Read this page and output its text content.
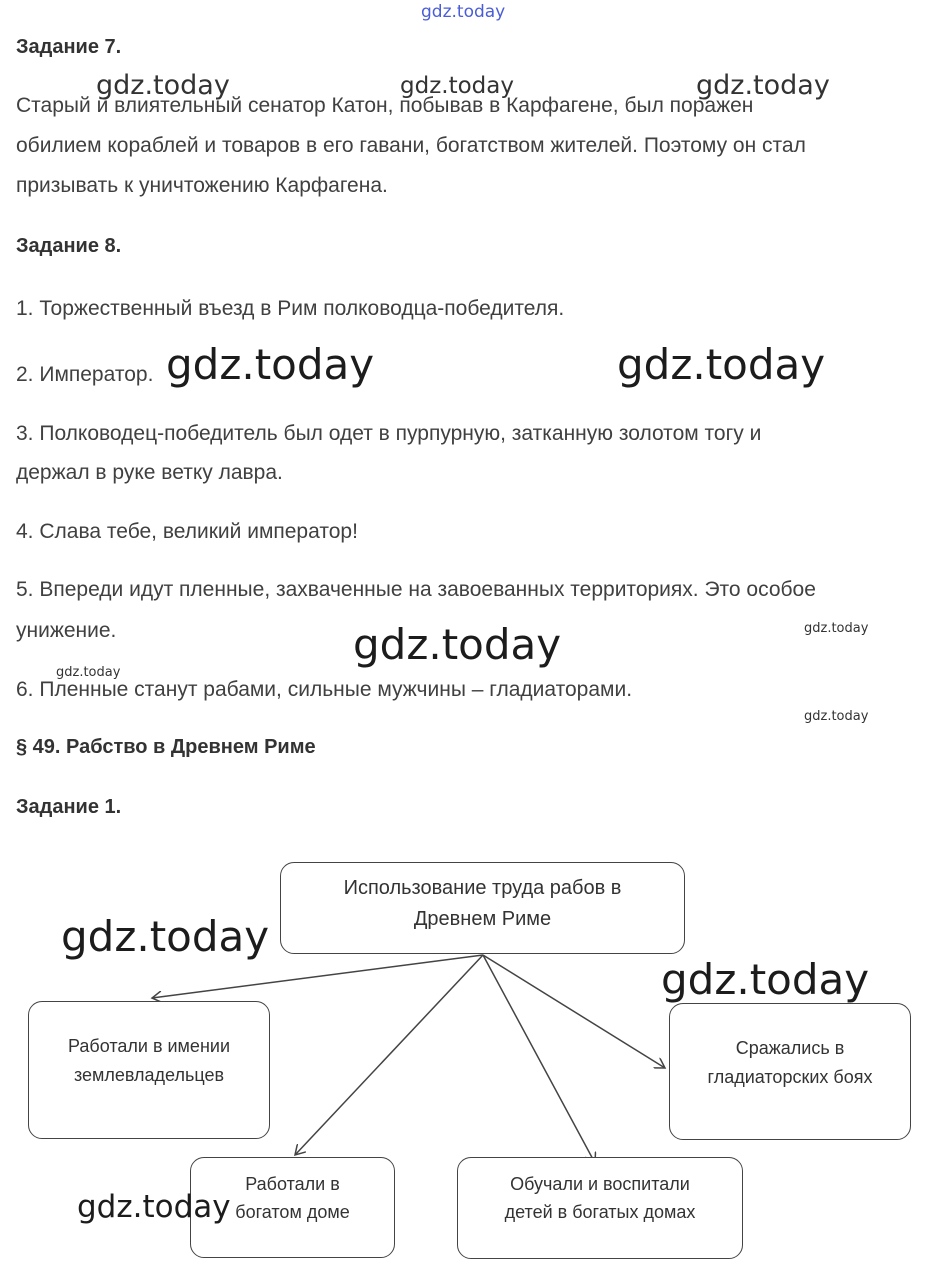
gdz.today
gdz.today	gdz.today	gdz.today
gdz.today	gdz.today
gdz.today	gdz.today
gdz.today
gdz.today
Задание 7.
Старый и влиятельный сенатор Катон, побывав в Карфагене, был поражен
обилием кораблей и товаров в его гавани, богатством жителей. Поэтому он стал
призывать к уничтожению Карфагена.
Задание 8.
1. Торжественный въезд в Рим полководца-победителя.
2. Император.
3. Полководец-победитель был одет в пурпурную, затканную золотом тогу и
держал в руке ветку лавра.
4. Слава тебе, великий император!
5. Впереди идут пленные, захваченные на завоеванных территориях. Это особое
унижение.
6. Пленные станут рабами, сильные мужчины – гладиаторами.
§ 49. Рабство в Древнем Риме
Задание 1.
Использование труда рабов в
Древнем Риме
Работали в имении
землевладельцев
Сражались в
гладиаторских боях
Работали в
богатом доме
Обучали и воспитали
детей в богатых домах
gdz.today
gdz.today
gdz.today
